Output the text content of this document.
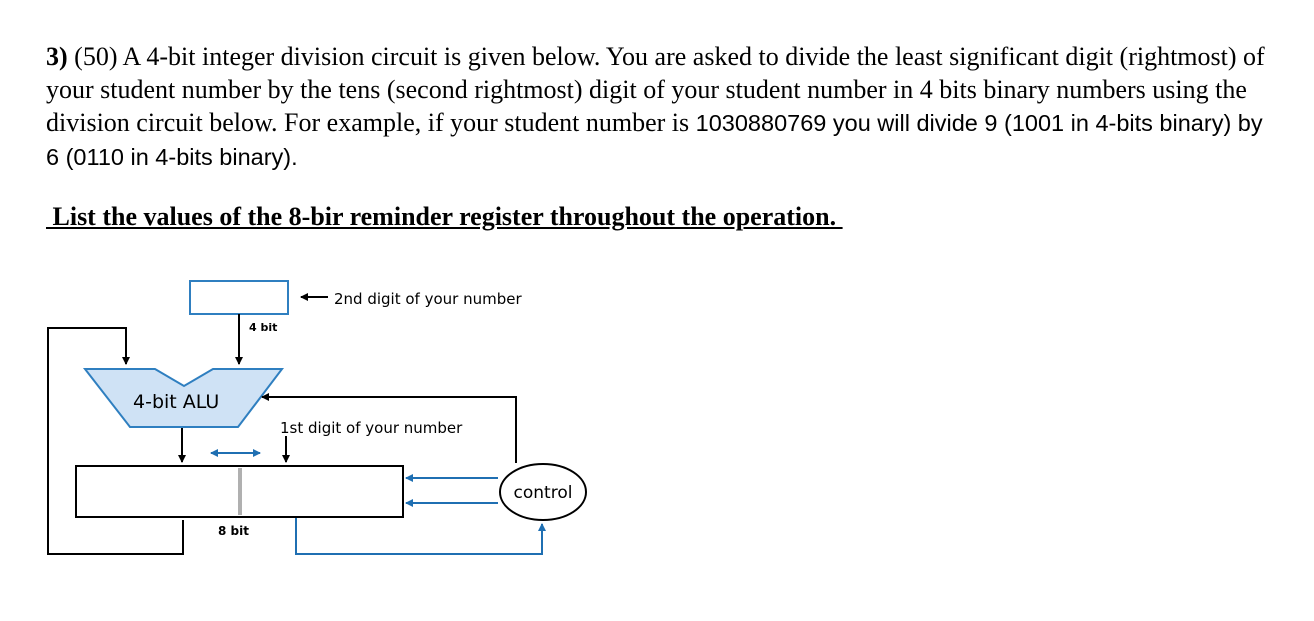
3) (50) A 4-bit integer division circuit is given below. You are asked to divide the least significant digit (rightmost) of your student number by the tens (second rightmost) digit of your student number in 4 bits binary numbers using the division circuit below. For example, if your student number is 1030880769 you will divide 9 (1001 in 4-bits binary) by 6 (0110 in 4-bits binary).
List the values of the 8-bir reminder register throughout the operation.
2nd digit of your number
4 bit
4-bit ALU
1st digit of your number
8 bit
control
